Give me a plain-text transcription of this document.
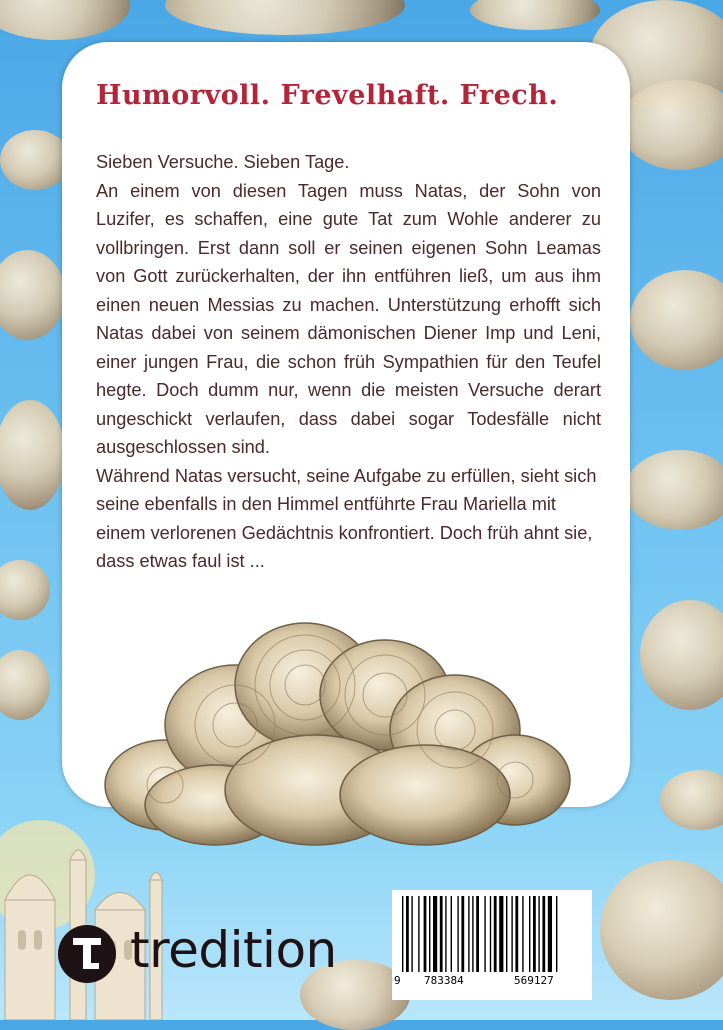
Humorvoll. Frevelhaft. Frech.

Sieben Versuche. Sieben Tage.

An einem von diesen Tagen muss Natas, der Sohn von Luzifer, es schaffen, eine gute Tat zum Wohle anderer zu vollbringen. Erst dann soll er seinen eigenen Sohn Leamas von Gott zurückerhalten, der ihn entführen ließ, um aus ihm einen neuen Messias zu machen. Unterstützung erhofft sich Natas dabei von seinem dämonischen Diener Imp und Leni, einer jungen Frau, die schon früh Sympathien für den Teufel hegte. Doch dumm nur, wenn die meisten Versuche derart ungeschickt verlaufen, dass dabei sogar Todesfälle nicht ausgeschlossen sind.

Während Natas versucht, seine Aufgabe zu erfüllen, sieht sich seine ebenfalls in den Himmel entführte Frau Mariella mit einem verlorenen Gedächtnis konfrontiert. Doch früh ahnt sie, dass etwas faul ist ...

9 783384	569127
tredition
